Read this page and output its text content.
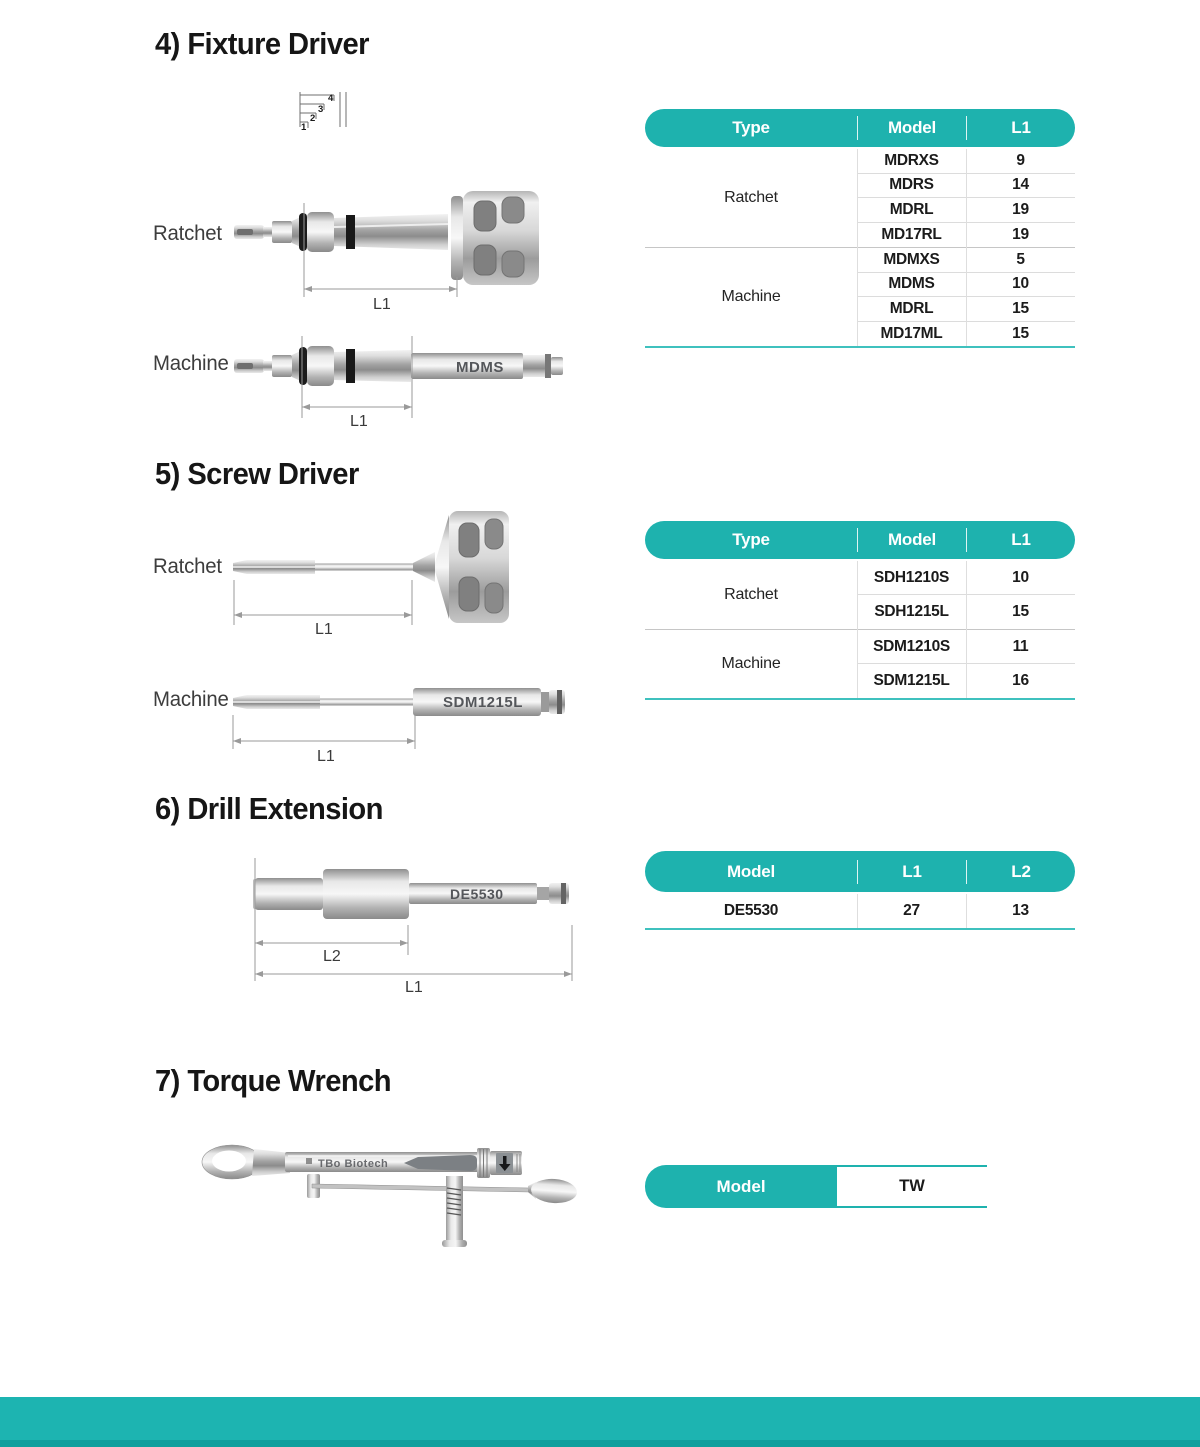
4) Fixture Driver
1
2
3
4
Ratchet
L1
Machine	MDMS
L1
Type	Model	L1
Ratchet
MDRXS	9
MDRS	14
MDRL	19
MD17RL	19
Machine
MDMXS	5
MDMS	10
MDRL	15
MD17ML	15
5) Screw Driver
Ratchet
L1
Machine	SDM1215L
L1
Type	Model	L1
Ratchet
SDH1210S	10
SDH1215L	15
Machine
SDM1210S	11
SDM1215L	16
6) Drill Extension
DE5530
L2
L1
Model	L1	L2
DE5530	27	13
7) Torque Wrench
TBo Biotech
Model	TW
